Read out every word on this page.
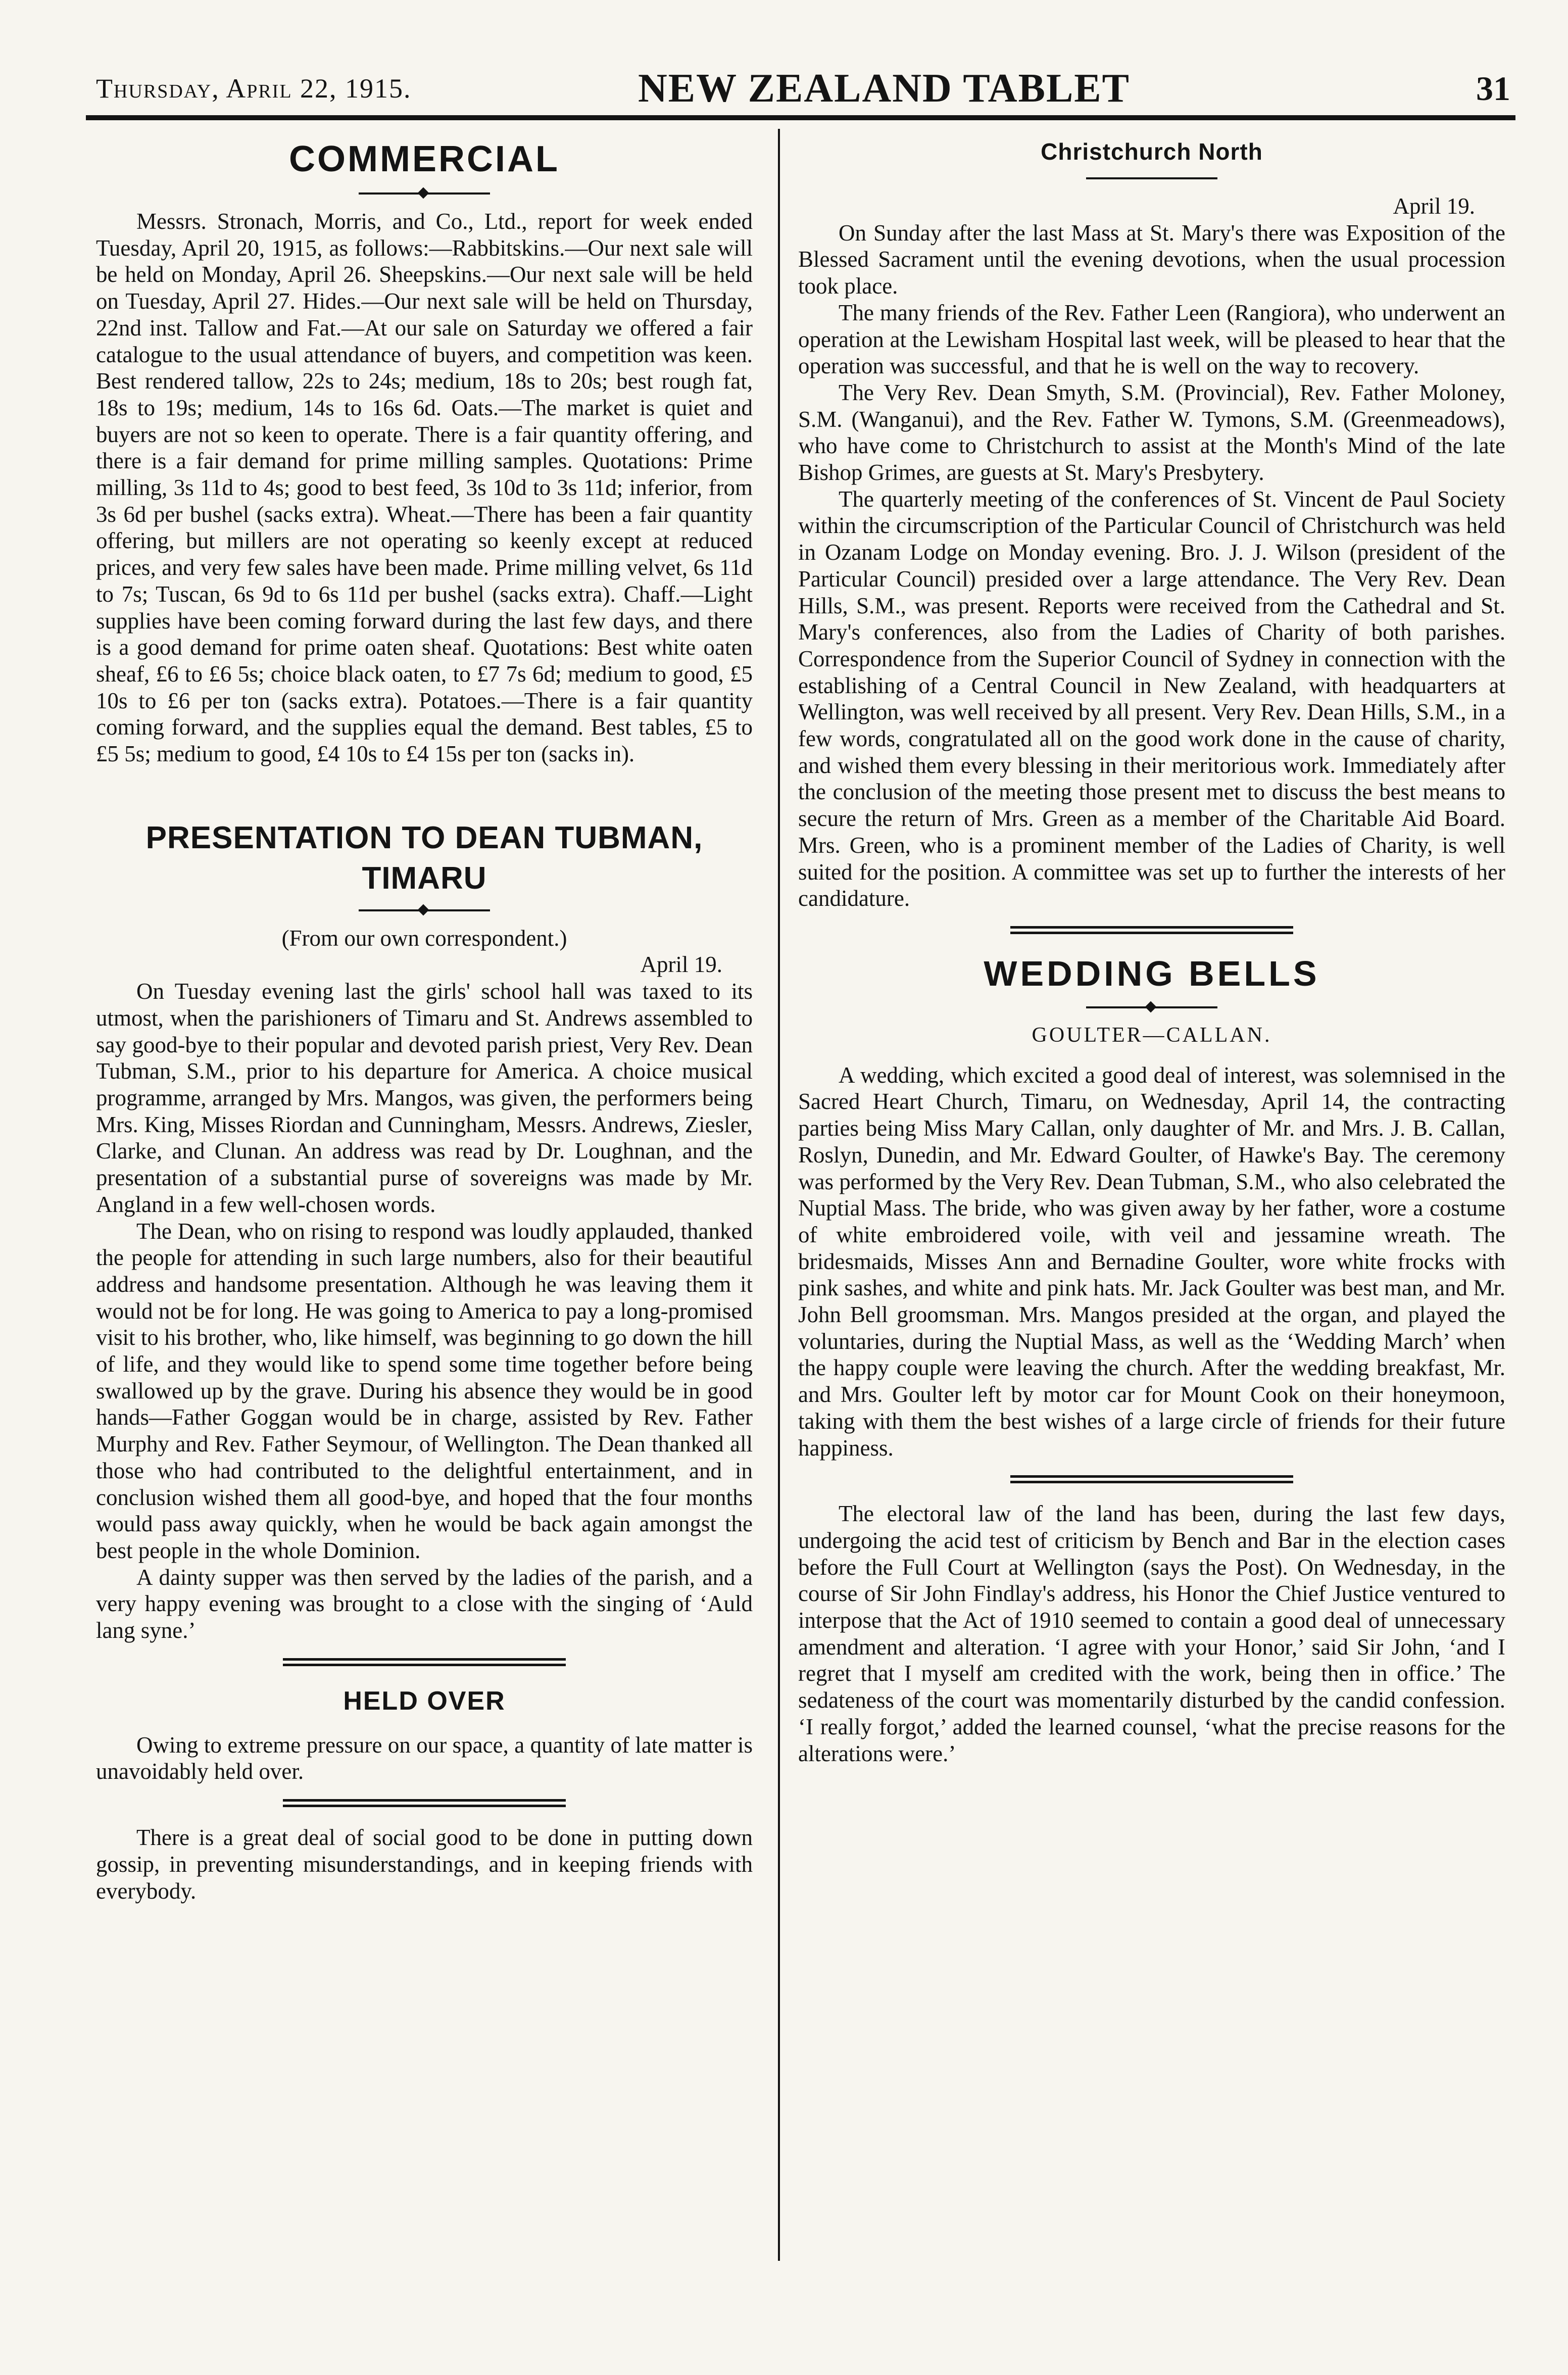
Thursday, April 22, 1915.	NEW ZEALAND TABLET	31
COMMERCIAL

Messrs. Stronach, Morris, and Co., Ltd., report for week ended Tuesday, April 20, 1915, as follows:—Rabbitskins.—Our next sale will be held on Monday, April 26. Sheepskins.—Our next sale will be held on Tuesday, April 27. Hides.—Our next sale will be held on Thursday, 22nd inst. Tallow and Fat.—At our sale on Saturday we offered a fair catalogue to the usual attendance of buyers, and competition was keen. Best rendered tallow, 22s to 24s; medium, 18s to 20s; best rough fat, 18s to 19s; medium, 14s to 16s 6d. Oats.—The market is quiet and buyers are not so keen to operate. There is a fair quantity offering, and there is a fair demand for prime milling samples. Quotations: Prime milling, 3s 11d to 4s; good to best feed, 3s 10d to 3s 11d; inferior, from 3s 6d per bushel (sacks extra). Wheat.—There has been a fair quantity offering, but millers are not operating so keenly except at reduced prices, and very few sales have been made. Prime milling velvet, 6s 11d to 7s; Tuscan, 6s 9d to 6s 11d per bushel (sacks extra). Chaff.—Light supplies have been coming forward during the last few days, and there is a good demand for prime oaten sheaf. Quotations: Best white oaten sheaf, £6 to £6 5s; choice black oaten, to £7 7s 6d; medium to good, £5 10s to £6 per ton (sacks extra). Potatoes.—There is a fair quantity coming forward, and the supplies equal the demand. Best tables, £5 to £5 5s; medium to good, £4 10s to £4 15s per ton (sacks in).

PRESENTATION TO DEAN TUBMAN, TIMARU

(From our own correspondent.)

April 19.

On Tuesday evening last the girls' school hall was taxed to its utmost, when the parishioners of Timaru and St. Andrews assembled to say good-bye to their popular and devoted parish priest, Very Rev. Dean Tubman, S.M., prior to his departure for America. A choice musical programme, arranged by Mrs. Mangos, was given, the performers being Mrs. King, Misses Riordan and Cunningham, Messrs. Andrews, Ziesler, Clarke, and Clunan. An address was read by Dr. Loughnan, and the presentation of a substantial purse of sovereigns was made by Mr. Angland in a few well-chosen words.

The Dean, who on rising to respond was loudly applauded, thanked the people for attending in such large numbers, also for their beautiful address and handsome presentation. Although he was leaving them it would not be for long. He was going to America to pay a long-promised visit to his brother, who, like himself, was beginning to go down the hill of life, and they would like to spend some time together before being swallowed up by the grave. During his absence they would be in good hands—Father Goggan would be in charge, assisted by Rev. Father Murphy and Rev. Father Seymour, of Wellington. The Dean thanked all those who had contributed to the delightful entertainment, and in conclusion wished them all good-bye, and hoped that the four months would pass away quickly, when he would be back again amongst the best people in the whole Dominion.

A dainty supper was then served by the ladies of the parish, and a very happy evening was brought to a close with the singing of ‘Auld lang syne.’

HELD OVER

Owing to extreme pressure on our space, a quantity of late matter is unavoidably held over.

There is a great deal of social good to be done in putting down gossip, in preventing misunderstandings, and in keeping friends with everybody.

Christchurch North

April 19.

On Sunday after the last Mass at St. Mary's there was Exposition of the Blessed Sacrament until the evening devotions, when the usual procession took place.

The many friends of the Rev. Father Leen (Rangiora), who underwent an operation at the Lewisham Hospital last week, will be pleased to hear that the operation was successful, and that he is well on the way to recovery.

The Very Rev. Dean Smyth, S.M. (Provincial), Rev. Father Moloney, S.M. (Wanganui), and the Rev. Father W. Tymons, S.M. (Greenmeadows), who have come to Christchurch to assist at the Month's Mind of the late Bishop Grimes, are guests at St. Mary's Presbytery.

The quarterly meeting of the conferences of St. Vincent de Paul Society within the circumscription of the Particular Council of Christchurch was held in Ozanam Lodge on Monday evening. Bro. J. J. Wilson (president of the Particular Council) presided over a large attendance. The Very Rev. Dean Hills, S.M., was present. Reports were received from the Cathedral and St. Mary's conferences, also from the Ladies of Charity of both parishes. Correspondence from the Superior Council of Sydney in connection with the establishing of a Central Council in New Zealand, with headquarters at Wellington, was well received by all present. Very Rev. Dean Hills, S.M., in a few words, congratulated all on the good work done in the cause of charity, and wished them every blessing in their meritorious work. Immediately after the conclusion of the meeting those present met to discuss the best means to secure the return of Mrs. Green as a member of the Charitable Aid Board. Mrs. Green, who is a prominent member of the Ladies of Charity, is well suited for the position. A committee was set up to further the interests of her candidature.

WEDDING BELLS

GOULTER—CALLAN.

A wedding, which excited a good deal of interest, was solemnised in the Sacred Heart Church, Timaru, on Wednesday, April 14, the contracting parties being Miss Mary Callan, only daughter of Mr. and Mrs. J. B. Callan, Roslyn, Dunedin, and Mr. Edward Goulter, of Hawke's Bay. The ceremony was performed by the Very Rev. Dean Tubman, S.M., who also celebrated the Nuptial Mass. The bride, who was given away by her father, wore a costume of white embroidered voile, with veil and jessamine wreath. The bridesmaids, Misses Ann and Bernadine Goulter, wore white frocks with pink sashes, and white and pink hats. Mr. Jack Goulter was best man, and Mr. John Bell groomsman. Mrs. Mangos presided at the organ, and played the voluntaries, during the Nuptial Mass, as well as the ‘Wedding March’ when the happy couple were leaving the church. After the wedding breakfast, Mr. and Mrs. Goulter left by motor car for Mount Cook on their honeymoon, taking with them the best wishes of a large circle of friends for their future happiness.

The electoral law of the land has been, during the last few days, undergoing the acid test of criticism by Bench and Bar in the election cases before the Full Court at Wellington (says the Post). On Wednesday, in the course of Sir John Findlay's address, his Honor the Chief Justice ventured to interpose that the Act of 1910 seemed to contain a good deal of unnecessary amendment and alteration. ‘I agree with your Honor,’ said Sir John, ‘and I regret that I myself am credited with the work, being then in office.’ The sedateness of the court was momentarily disturbed by the candid confession. ‘I really forgot,’ added the learned counsel, ‘what the precise reasons for the alterations were.’
